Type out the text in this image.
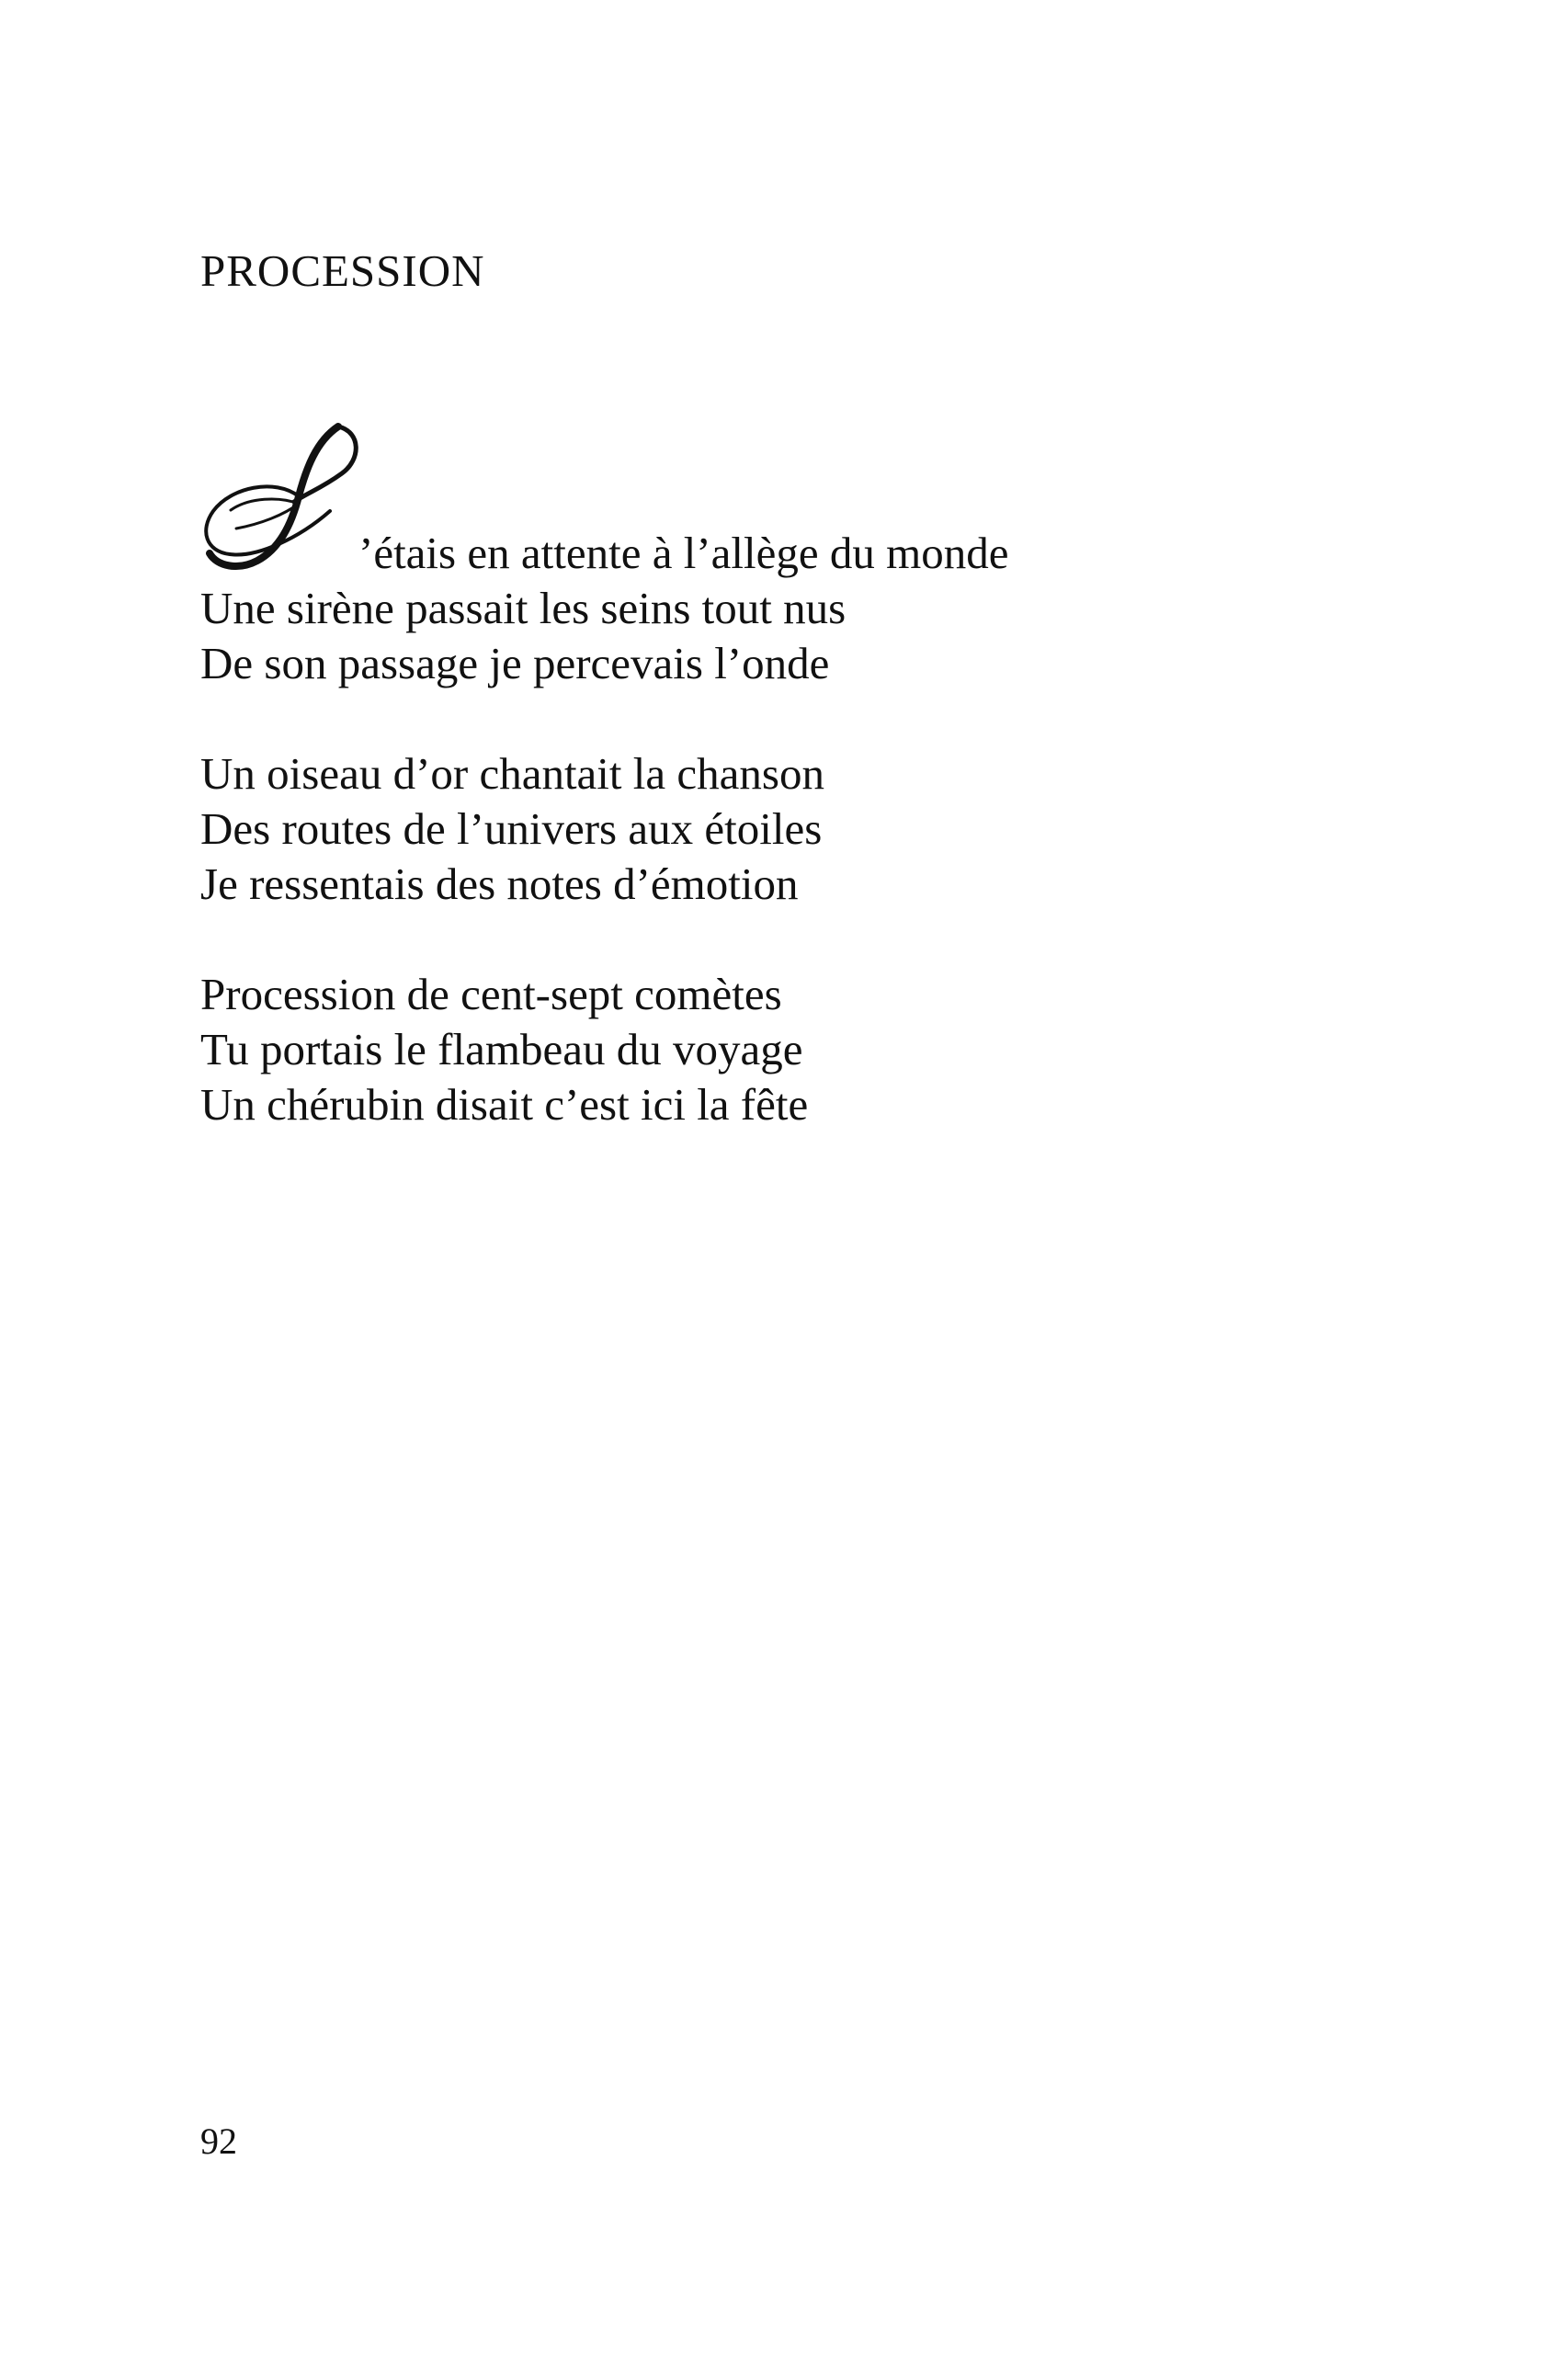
PROCESSION
’étais en attente à l’allège du monde
Une sirène passait les seins tout nus
De son passage je percevais l’onde
Un oiseau d’or chantait la chanson
Des routes de l’univers aux étoiles
Je ressentais des notes d’émotion
Procession de cent-sept comètes
Tu portais le flambeau du voyage
Un chérubin disait c’est ici la fête
92
